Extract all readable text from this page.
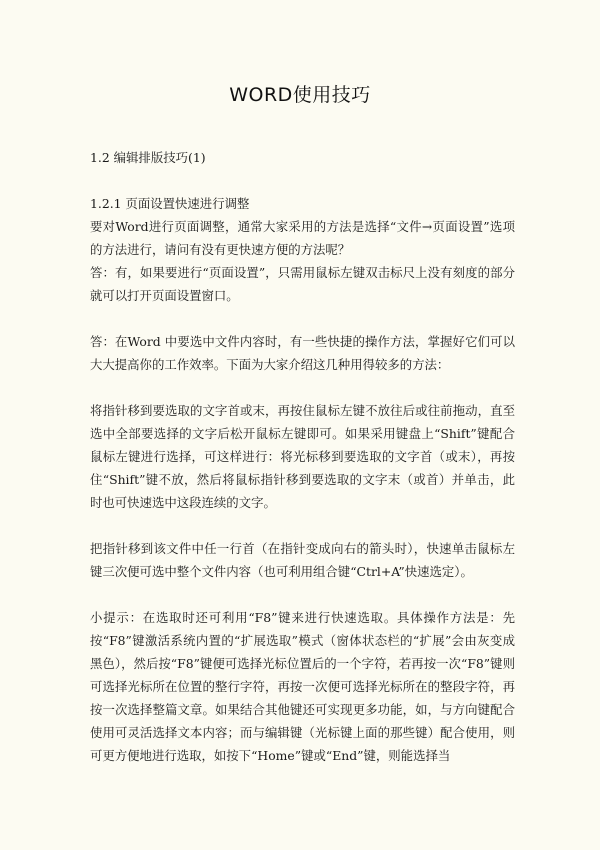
WORD使用技巧

1.2 编辑排版技巧(1)

1.2.1 页面设置快速进行调整

要对Word进行页面调整，通常大家采用的方法是选择“文件→页面设置”选项的方法进行，请问有没有更快速方便的方法呢？

答：有，如果要进行“页面设置”，只需用鼠标左键双击标尺上没有刻度的部分就可以打开页面设置窗口。

答：在Word 中要选中文件内容时，有一些快捷的操作方法，掌握好它们可以大大提高你的工作效率。下面为大家介绍这几种用得较多的方法：

将指针移到要选取的文字首或末，再按住鼠标左键不放往后或往前拖动，直至选中全部要选择的文字后松开鼠标左键即可。如果采用键盘上“Shift”键配合鼠标左键进行选择，可这样进行：将光标移到要选取的文字首（或末），再按住“Shift”键不放，然后将鼠标指针移到要选取的文字末（或首）并单击，此时也可快速选中这段连续的文字。

把指针移到该文件中任一行首（在指针变成向右的箭头时），快速单击鼠标左键三次便可选中整个文件内容（也可利用组合键“Ctrl+A”快速选定）。

小提示：在选取时还可利用“F8”键来进行快速选取。具体操作方法是：先按“F8”键激活系统内置的“扩展选取”模式（窗体状态栏的“扩展”会由灰变成黑色），然后按“F8”键便可选择光标位置后的一个字符，若再按一次“F8”键则可选择光标所在位置的整行字符，再按一次便可选择光标所在的整段字符，再按一次选择整篇文章。如果结合其他键还可实现更多功能，如，与方向键配合使用可灵活选择文本内容；而与编辑键（光标键上面的那些键）配合使用，则可更方便地进行选取，如按下“Home”键或“End”键，则能选择当
